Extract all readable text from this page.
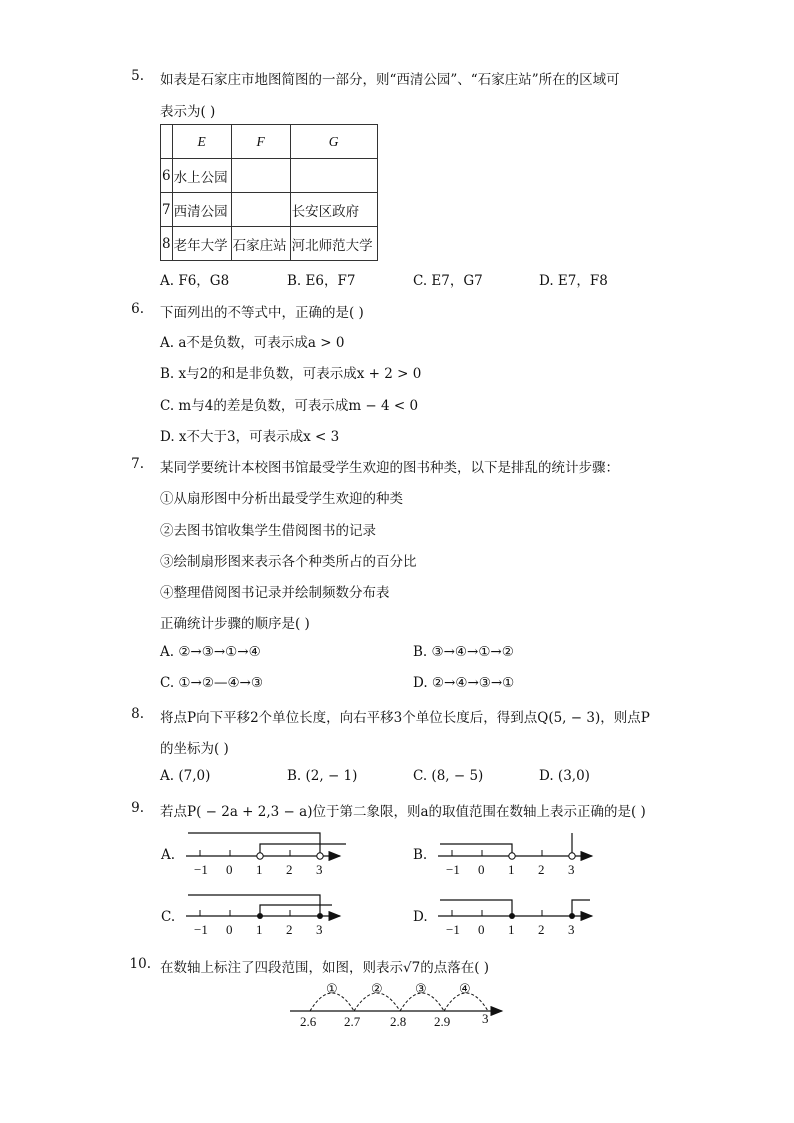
5. 如表是石家庄市地图简图的一部分，则“西清公园”、“石家庄站”所在的区域可
表示为( )
	E	F	G
6	水上公园		
7	西清公园		长安区政府
8	老年大学	石家庄站	河北师范大学
A. F6，G8	B. E6，F7	C. E7，G7	D. E7，F8
6. 下面列出的不等式中，正确的是( )
A. a不是负数，可表示成a > 0
B. x与2的和是非负数，可表示成x + 2 > 0
C. m与4的差是负数，可表示成m − 4 < 0
D. x不大于3，可表示成x < 3
7. 某同学要统计本校图书馆最受学生欢迎的图书种类，以下是排乱的统计步骤：
①从扇形图中分析出最受学生欢迎的种类
②去图书馆收集学生借阅图书的记录
③绘制扇形图来表示各个种类所占的百分比
④整理借阅图书记录并绘制频数分布表
正确统计步骤的顺序是( )
A. ②→③→①→④	B. ③→④→①→②
C. ①→②—④→③	D. ②→④→③→①
8. 将点P向下平移2个单位长度，向右平移3个单位长度后，得到点Q(5, − 3)，则点P
的坐标为( )
A. (7,0)	B. (2, − 1)	C. (8, − 5)	D. (3,0)
9. 若点P( − 2a + 2,3 − a)位于第二象限，则a的取值范围在数轴上表示正确的是( )
A.	B.
C.	D.
−1 0 1 2 3	−1 0 1 2 3
−1 0 1 2 3	−1 0 1 2 3
①	② ③ ④
2.6 2.7 2.8 2.9 3
10. 在数轴上标注了四段范围，如图，则表示√7的点落在( )
